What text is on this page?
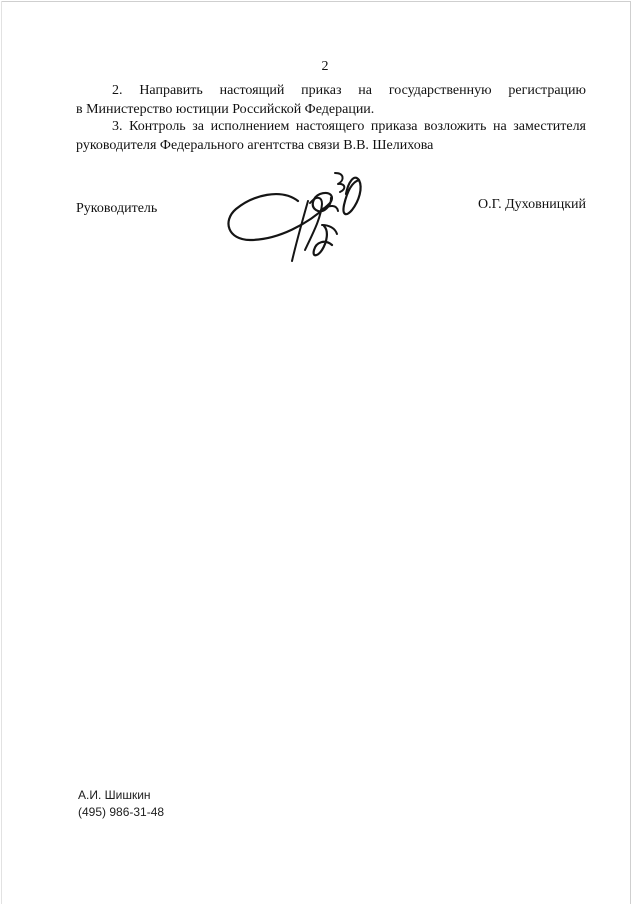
2

2. Направить настоящий приказ на государственную регистрацию
в Министерство юстиции Российской Федерации.

3. Контроль за исполнением настоящего приказа возложить на заместителя
руководителя Федерального агентства связи В.В. Шелихова

Руководитель	О.Г. Духовницкий
А.И. Шишкин
(495) 986-31-48
